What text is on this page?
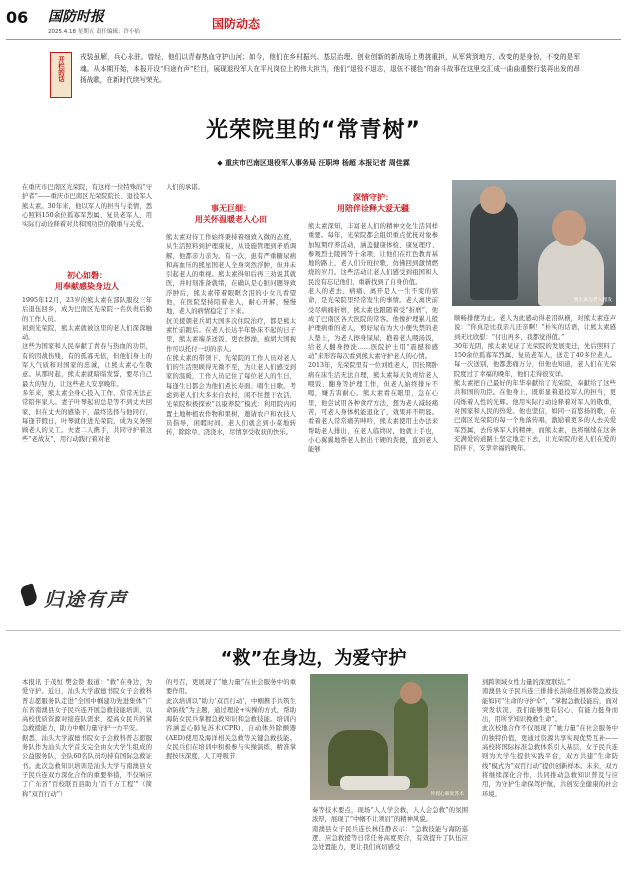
06 国防时报
2025.4.18 星期五 责任编辑：许小焰
国防动态
开栏的话 戎装虽解，兵心永驻。曾经，他们以青春热血守护山河；如今，他们在乡村振兴、基层治理、创业创新的新战场上勇挑重担，从军营到地方，改变的是身份，不变的是军魂。从本期开始，本报开设“归途有声”栏目，展现退役军人在平凡岗位上的伟大担当，他们“退役不退志，退伍不褪色”的奋斗故事在这里交汇成一曲曲重整行装再出发的昂扬战歌，在新时代续写荣光。
光荣院里的“常青树”
◆ 重庆市巴南区退役军人事务局 汪职坤 杨超 本报记者 周佳霖
在重庆市巴南区光荣院，有这样一位特殊的“守护者”——重庆市巴南区光荣院院长、退役军人熊太素。30年来，他以军人的担当与柔情，悉心照料150余位孤寡军烈属、复员老军人，用实际行动诠释着对共和国功臣的敬重与关爱。
初心如磐：
用奉献感染身边人
1995年12月，23岁的熊太素在部队服役三年后退伍回乡，成为巴南区光荣院一名负责后勤的工作人员。
初到光荣院，熊太素就被这里的老人们深深触动。
这些为国家和人民奉献了青春与热血的功臣，有的因战伤残，有的孤寡无依，但他们身上的军人气质和对国家的忠诚，让熊太素心生敬意。从那时起，熊太素就暗暗发誓，要尽自己最大的努力，让这些老人安享晚年。
多年来，熊太素全身心投入工作，常常无法正常陪伴家人。妻子叶琴起初总是等不到丈夫回家，但在丈夫的感染下，最终选择与他同行，每逢节假日，叶琴就住进光荣院，成为义务照顾老人的义工。夫妻二人携手，共同守护着这些“老战友”，用行动践行着对老
归途有声
人们的承诺。
事无巨细：
用关怀温暖老人心田
熊太素对待工作始终秉持着细致入微的态度，从生活照料到护理康复，从设施管理到矛盾调解，他都亲力亲为。有一次，患有严重糖尿病和高血压的熊星国老人全身突然浮肿，但并未引起老人的重视。熊太素得知后再三劝说其就医，并时刻准备就绪，在确认是心脏问题导致浮肿后，熊太素带着眼眶含泪的小女儿看望他，在医院坚持陪着老人，耐心开解，慢慢地，老人的病情稳定了下来。
抗美援朝老兵胡大国多次住院治疗，都是熊太素忙前跑后。在老人长达半年卧床不起的日子里，熊太素端茶送饭、更衣擦澡，被胡大国视作可以托付一切的亲人。
在熊太素的带领下，光荣院的工作人员对老人们的生活照顾得无微不至，为让老人们感受到家的温暖，工作人员记住了每位老人的生日，每逢生日都会为他们煮长寿面、唱生日歌。考虑到老人们大多来自农村，闲不住想干农活，光荣院积极探索“以康养院”模式：利用院内闲置土地种植农作物和果树，邀请农户和农技人员指导，闲暇时间，老人们就会到小菜地转转，除除草、浇浇水，尽情享受收获的快乐。
深情守护：
用陪伴诠释大爱无疆
熊太素深知，丰富老人们的精神文化生活同样重要。每年，光荣院都会组织重点优抚对象参加短期疗养活动，涵盖健康体检、康复理疗、参观烈士陵园等十余项，让他们在红色教育基地的路上，老人们分班拉歌，仿佛回到激情燃烧的岁月。这些活动让老人们感受到祖国和人民没有忘记他们，重新找到了自身价值。
老人的老去、病痛、离开是人一生不变的宿命，是光荣院里经常发生的事情。老人离世前受尽病痛折磨，熊太素也跟随着受“折磨”，他成了巴南区各大医院的常客。他像护理累儿般护理病重的老人，剪好尿布为大小便失禁的老人垫上，为老人擦身屎尿，抱着老人喂汤饭，给老人翻身擦洗……医院护士用“震撼和感动”来形容每次看到熊太素守护老人的心情。
2013年，光荣院里有一位刘姓老人，因长期卧病在床生活无法自理，熊太素每天负责给老人喂饭、翻身等护理工作，但老人始终排斥不喝，嫌舌害耐心。熊太素看在眼里，急在心里，他尝试用各种食疗方法，想为老人减轻痛苦，可老人身体机能退化了，效果并不明显。看着老人常常痛苦呻吟，熊太素使用土办法来帮助老人排出，在老人临终时，他就上手也，小心翼翼地帮老人抠出干硬的粪便，直到老人能够
熊太素为老人理发
顺畅排便为止。老人为此感动得老泪纵横，对熊太素连声说：“你真是比我亲儿还亲啊！”朴实的话语，让熊太素感到无比欣慰：“付出再多，我都觉得值。”
30年光阴，熊太素见证了光荣院的发展变迁，先后照料了150余位孤寡军烈属、复员老军人，送走了40多位老人。每一次送别，他都悲痛万分，但他也知道，老人们在光荣院度过了幸福的晚年，他们走得很安详。
熊太素把自己最好的年华奉献给了光荣院，奉献给了这些共和国的功臣。在他身上，既彰显着退役军人的担当，更闪烁着人性的光辉。他用实际行动诠释着对军人的敬重，对国家和人民的热爱。他也坚信，如同一首悠扬的歌，在巴南区光荣院的每一个角落传唱，激励着更多的人去关爱军烈属，去传承军人的精神，而熊太素，也将继续在这条充满爱的道路上坚定地走下去，让光荣院的老人们在爱的陪伴下，安享幸福的晚年。
“救”在身边，为爱守护
本报讯 于茂恒 樊金赞 报道：“救”在身边，为爱守护。近日，汕头大学淑德书院女子会救科普志愿服务队走进“全国中帼建功先进集体”广东省南澳县女子民兵连开展急救技能培训，以高校优质资源对接连队需求，提高女民兵的紧急救援能力，助力中帼力量守护一方平安。
据悉，汕头大学淑德书院女子会救科普志愿服务队作为汕头大学首支完全由女大学生组成的公益服务队，全队60名队员均持有国际急救证书。此次急救知识培训是汕头大学与南澳县女子民兵连双方深化合作的重要举措，不仅响应了广东省“百校联百县助力‘百千万工程’”（简称“双百行动”）
的号召，更展现了“她力量”在社会服务中的重要作用。
此次培训以“助力‘双百行动’，中帼携手共筑生命防线”为主题，通过理论+实操的方式，帮助海防女民兵掌握急救知识和急救技能。培训内容涵盖心肺复苏术(CPR)、自动体外除颤器(AED)使用及海洋相关急救等关键急救技能。女民兵们在培训中积极参与实操演练，精准掌握按压深度、人工呼吸节
传授心肺复苏术
奏等技术要点，现场“人人学会救，人人会急救”的氛围浓厚，展现了“中帼不让须眉”的精神风貌。
南澳县女子民兵连长林佳静表示：“急救技能与海防巡逻、应急救援等日常任务高度契合，有效提升了队伍应急处置能力，更让我们真切感受
到跨领域女性力量的深度联结。”
南澳县女子民兵连三排排长洪晓佳则称赞急救技能如同“生命的守护伞”，“掌握急救技能后，面对突发状况，我们能够更有信心、有能力挺身而出，用所学知识挽救生命”。
此次校地合作不仅展现了“她力量”在社会服务中的独特价值，更通过资源共享实现优势互补——高校将国际标准急救体系引入基层，女子民兵连则为大学生提供实践平台，双方共建“生命防线”模式为“双百行动”提供创新样本。未来，双方将继续深化合作，共同推动急救知识普及与应用，为守护生命保驾护航，共创安全健康的社会环境。
